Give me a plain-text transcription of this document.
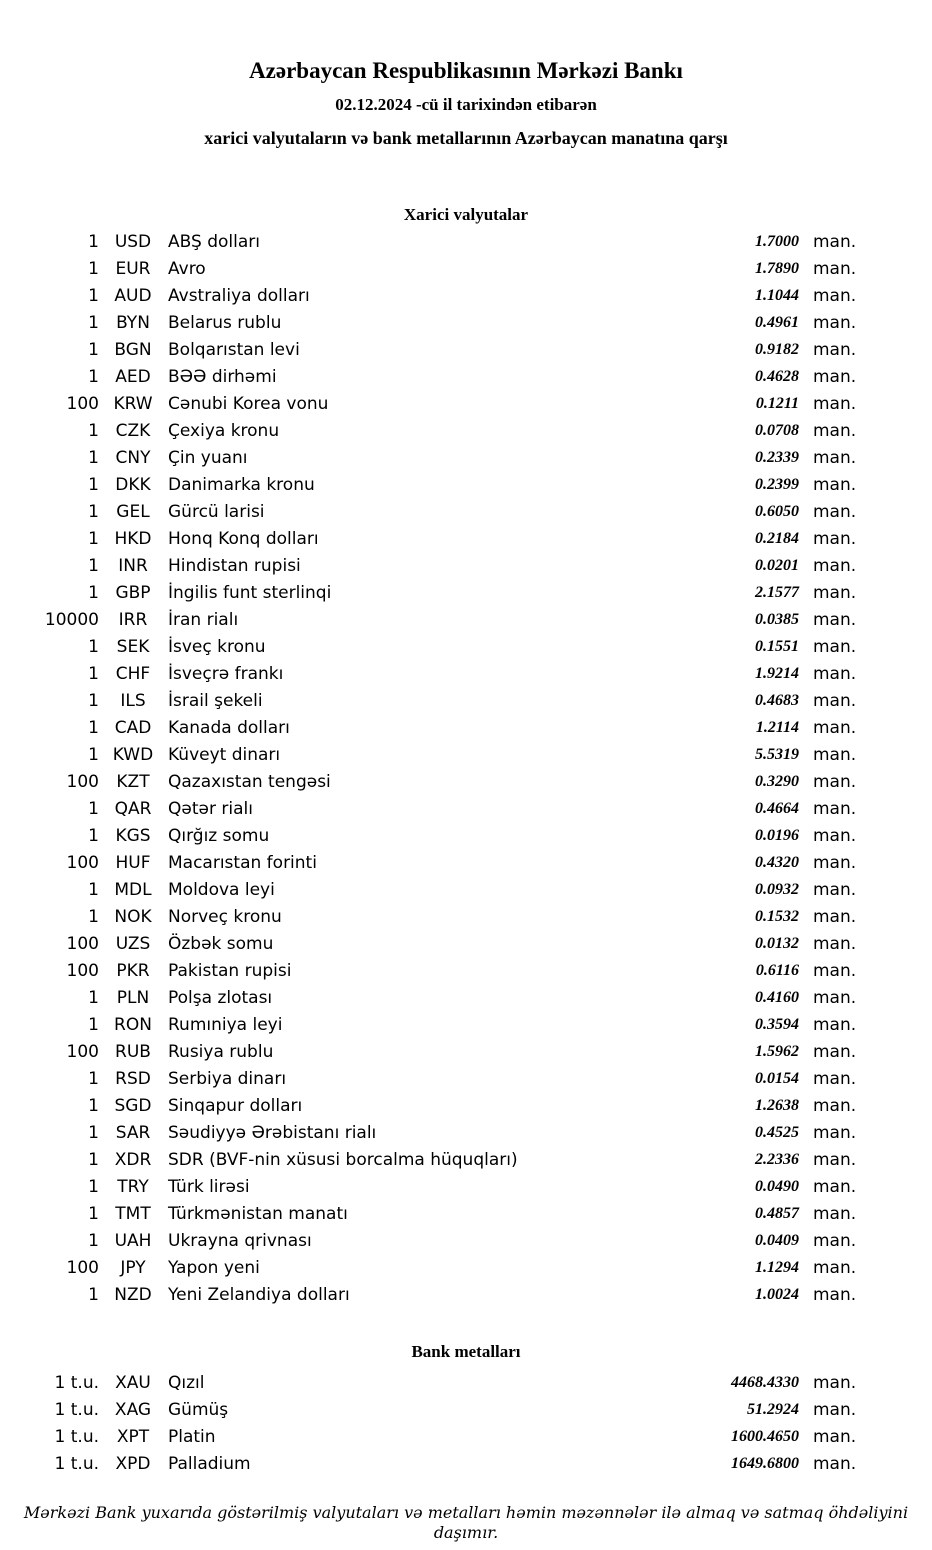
Azərbaycan Respublikasının Mərkəzi Bankı
02.12.2024 -cü il tarixindən etibarən
xarici valyutaların və bank metallarının Azərbaycan manatına qarşı
Xarici valyutalar
1 USD ABŞ dolları	1.7000 man.
1 EUR	Avro	1.7890 man.
1 AUD Avstraliya dolları	1.1044 man.
1	BYN	Belarus rublu	0.4961 man.
1 BGN Bolqarıstan levi	0.9182 man.
1 AED	BƏƏ dirhəmi	0.4628 man.
100 KRW Cənubi Korea vonu	0.1211 man.
1 CZK	Çexiya kronu	0.0708 man.
1 CNY	Çin yuanı	0.2339 man.
1 DKK	Danimarka kronu	0.2399 man.
1	GEL	Gürcü larisi	0.6050 man.
1 HKD Honq Konq dolları	0.2184 man.
1	INR	Hindistan rupisi	0.0201 man.
1 GBP	İngilis funt sterlinqi	2.1577 man.
10000	IRR	İran rialı	0.0385 man.
1	SEK	İsveç kronu	0.1551 man.
1 CHF	İsveçrə frankı	1.9214 man.
1	ILS	İsrail şekeli	0.4683 man.
1 CAD Kanada dolları	1.2114 man.
1 KWD Küveyt dinarı	5.5319 man.
100	KZT	Qazaxıstan tengəsi	0.3290 man.
1 QAR Qətər rialı	0.4664 man.
1 KGS	Qırğız somu	0.0196 man.
100 HUF	Macarıstan forinti	0.4320 man.
1 MDL Moldova leyi	0.0932 man.
1 NOK Norveç kronu	0.1532 man.
100 UZS	Özbək somu	0.0132 man.
100	PKR	Pakistan rupisi	0.6116 man.
1	PLN	Polşa zlotası	0.4160 man.
1 RON Rumıniya leyi	0.3594 man.
100 RUB	Rusiya rublu	1.5962 man.
1 RSD	Serbiya dinarı	0.0154 man.
1 SGD Sinqapur dolları	1.2638 man.
1 SAR	Səudiyyə Ərəbistanı rialı	0.4525 man.
1 XDR SDR (BVF-nin xüsusi borcalma hüquqları)	2.2336 man.
1	TRY	Türk lirəsi	0.0490 man.
1 TMT	Türkmənistan manatı	0.4857 man.
1 UAH Ukrayna qrivnası	0.0409 man.
100	JPY	Yapon yeni	1.1294 man.
1 NZD Yeni Zelandiya dolları	1.0024 man.
Bank metalları
1 t.u. XAU	Qızıl	4468.4330 man.
1 t.u. XAG Gümüş	51.2924 man.
1 t.u.	XPT	Platin	1600.4650 man.
1 t.u. XPD	Palladium	1649.6800 man.
Mərkəzi Bank yuxarıda göstərilmiş valyutaları və metalları həmin məzənnələr ilə almaq və satmaq öhdəliyini daşımır.
